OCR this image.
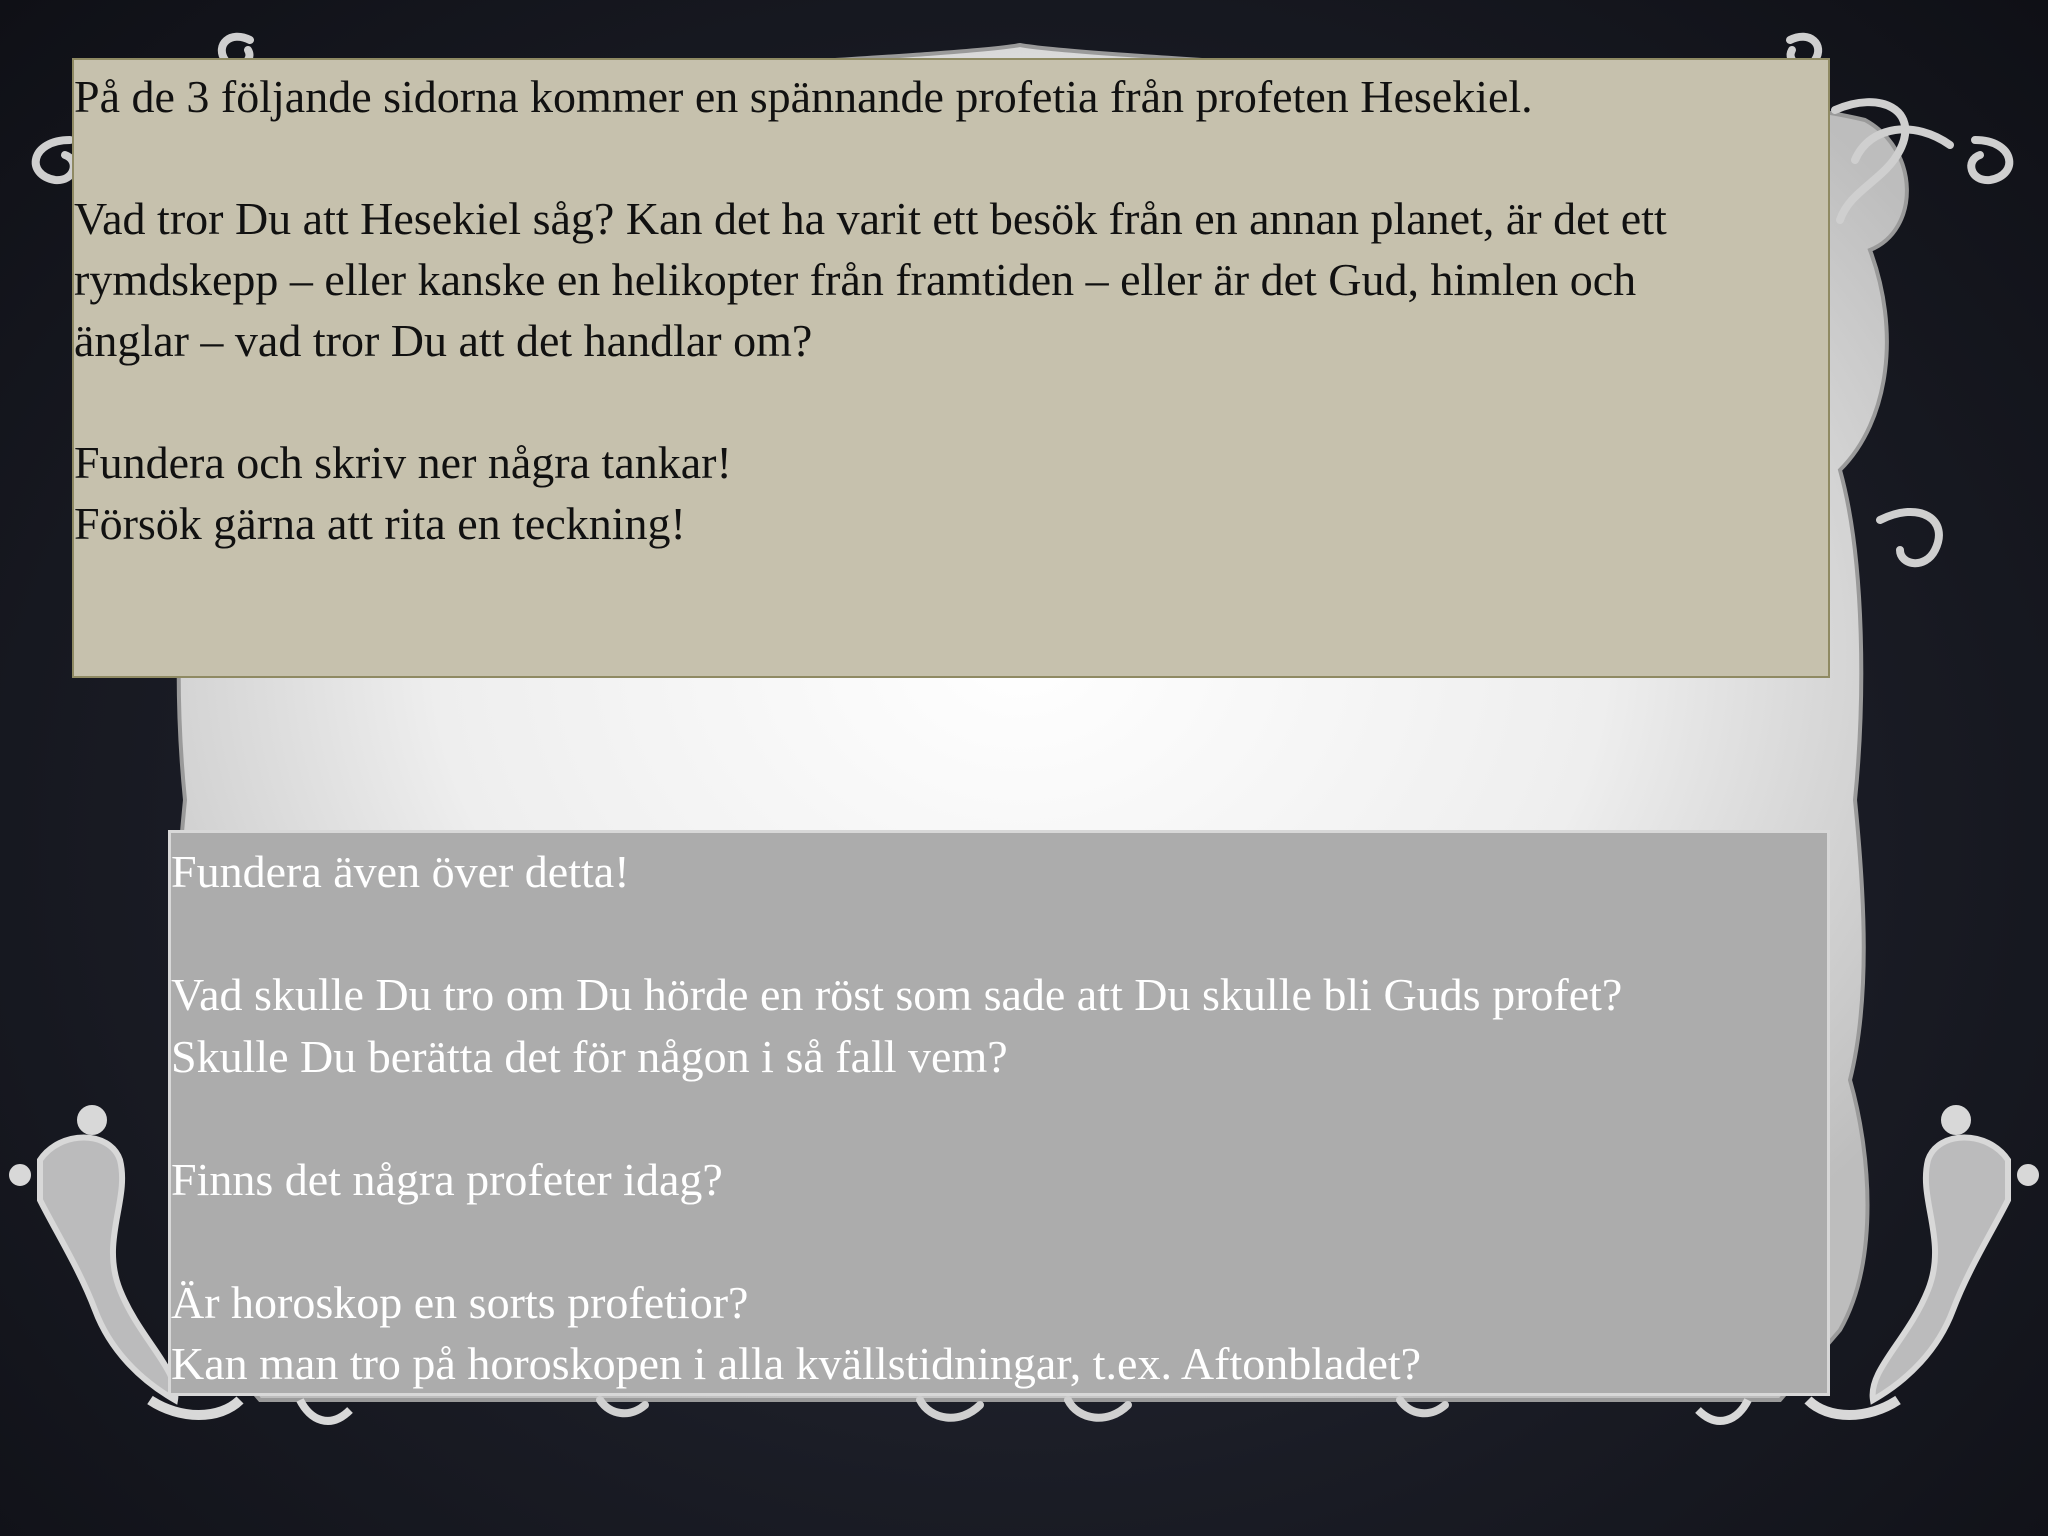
På de 3 följande sidorna kommer en spännande profetia från profeten Hesekiel.
Vad tror Du att Hesekiel såg? Kan det ha varit ett besök från en annan planet, är det ett
rymdskepp – eller kanske en helikopter från framtiden – eller är det Gud, himlen och
änglar – vad tror Du att det handlar om?
Fundera och skriv ner några tankar!
Försök gärna att rita en teckning!
Fundera även över detta!
Vad skulle Du tro om Du hörde en röst som sade att Du skulle bli Guds profet?
Skulle Du berätta det för någon i så fall vem?
Finns det några profeter idag?
Är horoskop en sorts profetior?
Kan man tro på horoskopen i alla kvällstidningar, t.ex. Aftonbladet?
